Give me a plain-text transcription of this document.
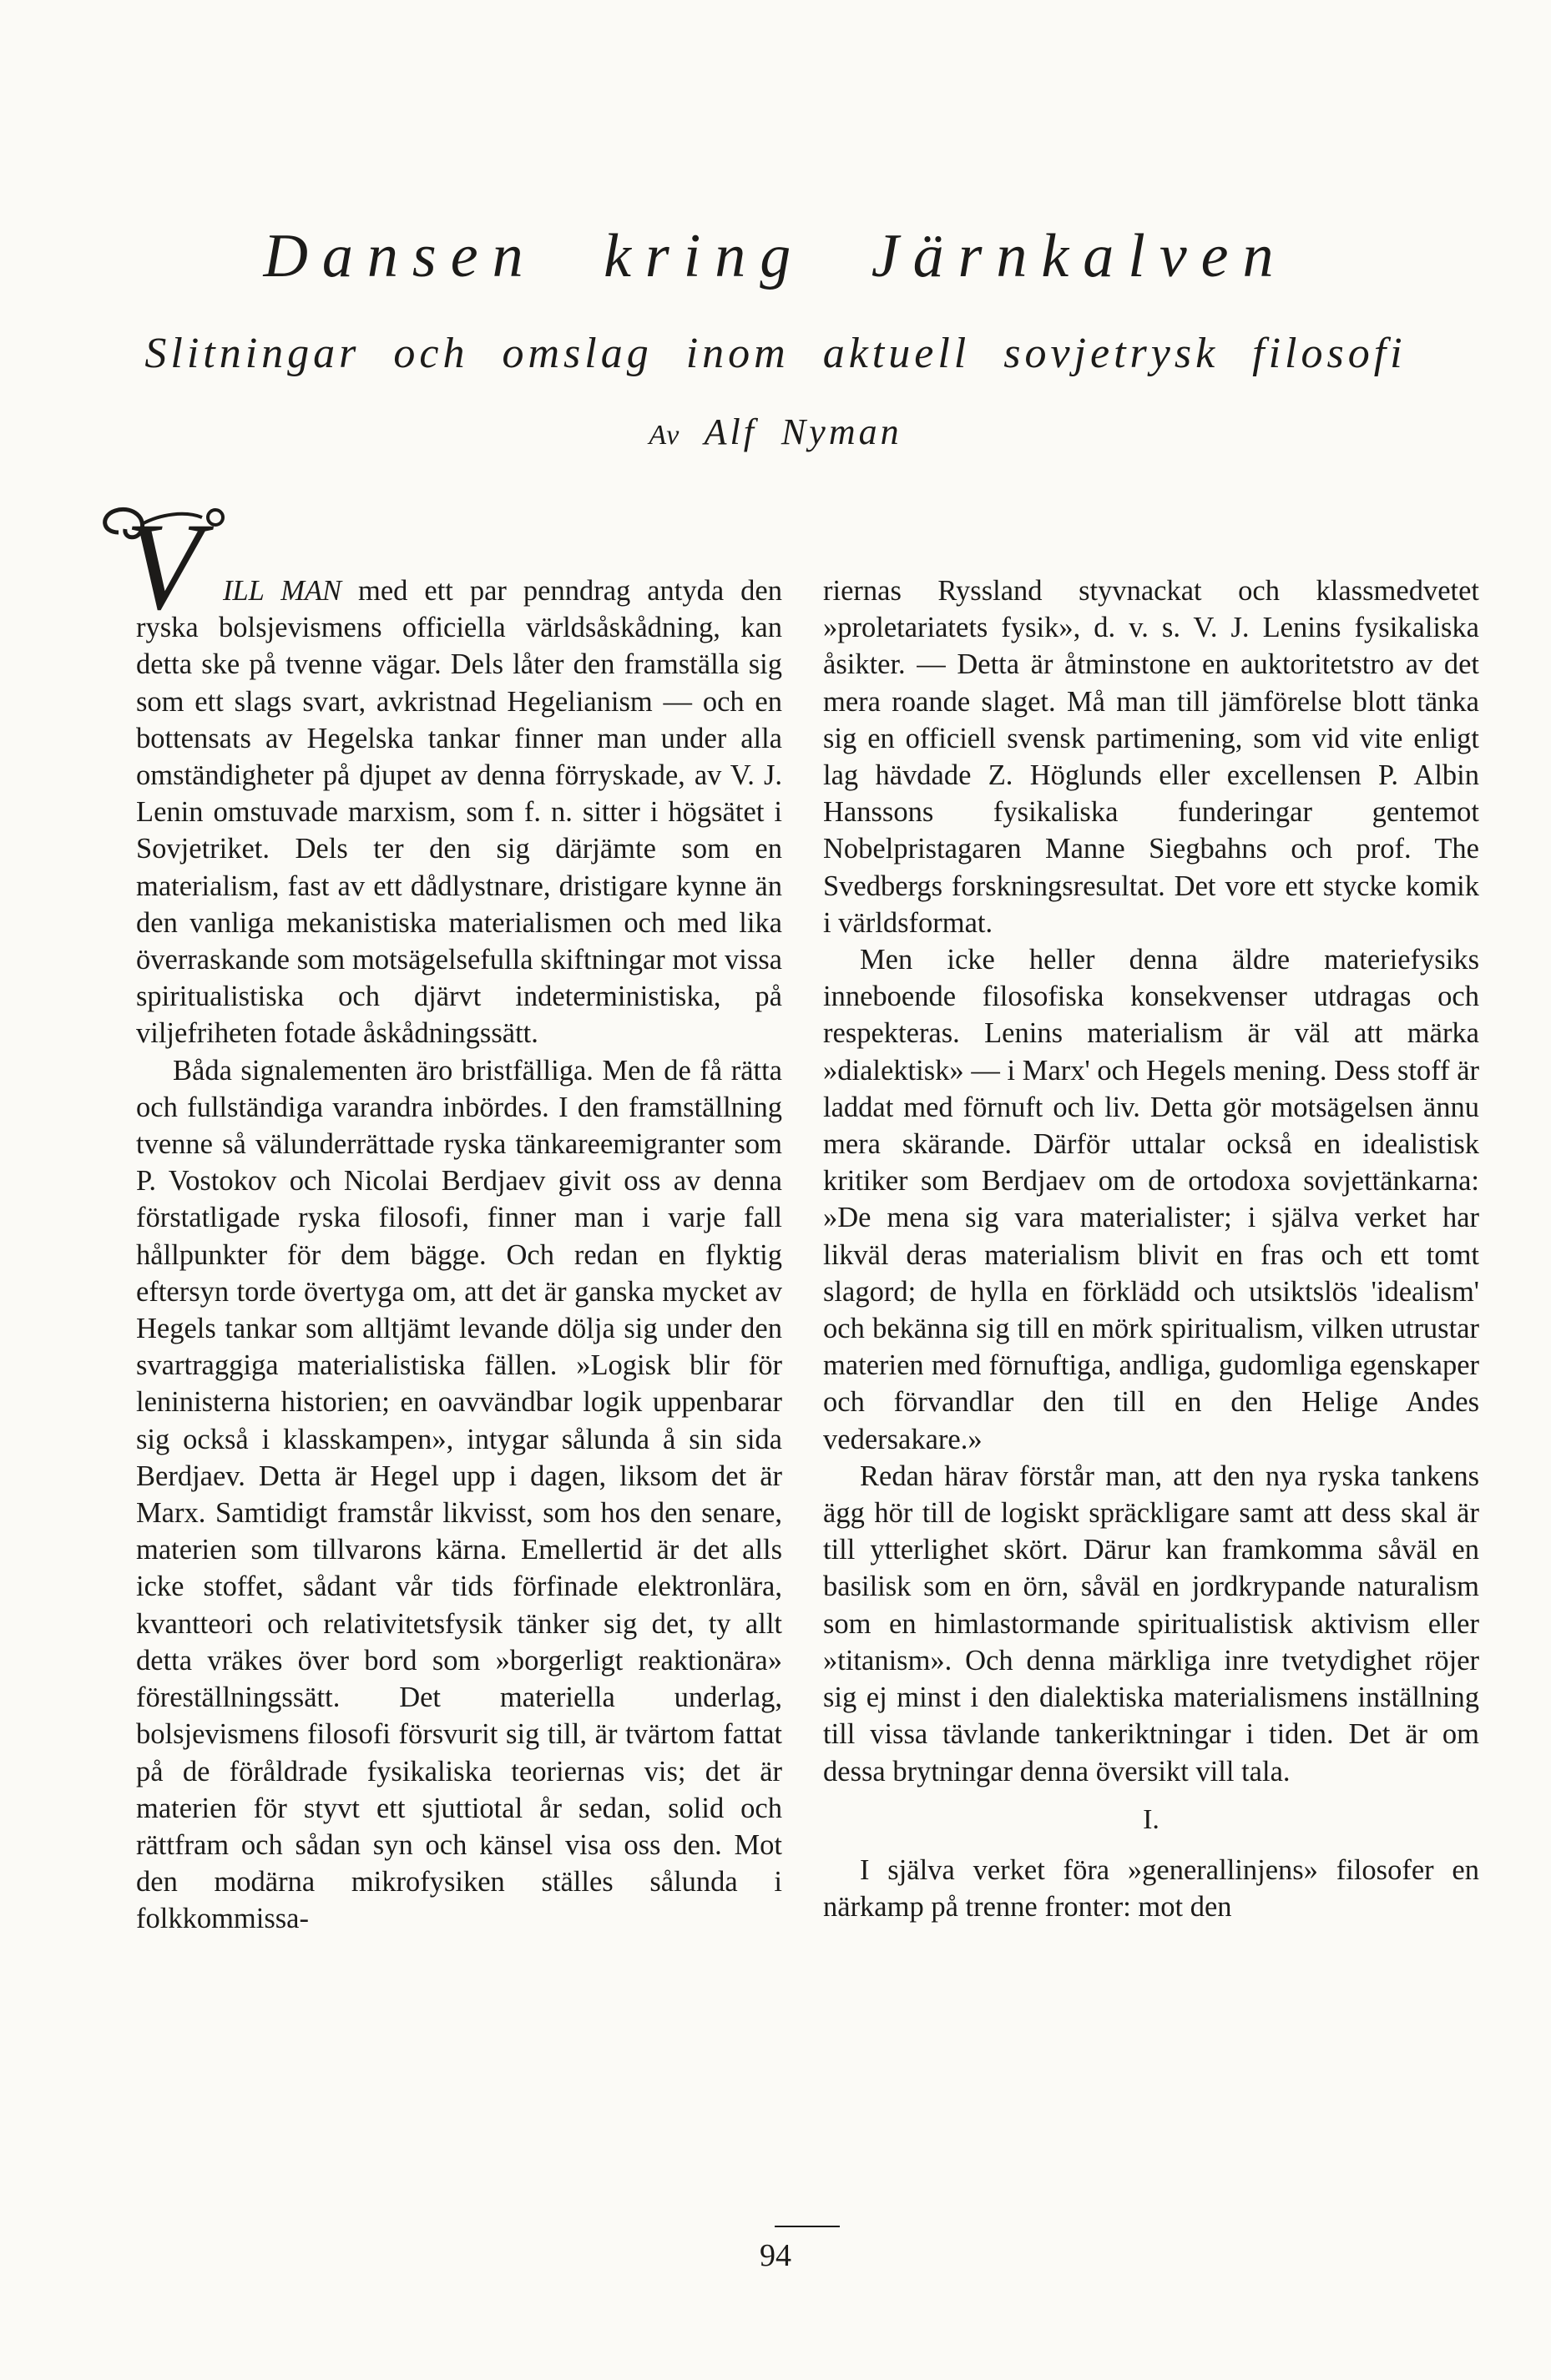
Dansen kring Järnkalven
Slitningar och omslag inom aktuell sovjetrysk filosofi
Av Alf Nyman
V ILL MAN med ett par penndrag antyda den ryska bolsjevismens officiella världsåskådning, kan detta ske på tvenne vägar. Dels låter den framställa sig som ett slags svart, avkristnad Hegelianism — och en bottensats av Hegelska tankar finner man under alla omständigheter på djupet av denna förryskade, av V. J. Lenin omstuvade marxism, som f. n. sitter i högsätet i Sovjetriket. Dels ter den sig därjämte som en materialism, fast av ett dådlystnare, dristigare kynne än den vanliga mekanistiska materialismen och med lika överraskande som motsägelsefulla skiftningar mot vissa spiritualistiska och djärvt indeterministiska, på viljefriheten fotade åskådningssätt.

Båda signalementen äro bristfälliga. Men de få rätta och fullständiga varandra inbördes. I den framställning tvenne så välunderrättade ryska tänkareemigranter som P. Vostokov och Nicolai Berdjaev givit oss av denna förstatligade ryska filosofi, finner man i varje fall hållpunkter för dem bägge. Och redan en flyktig eftersyn torde övertyga om, att det är ganska mycket av Hegels tankar som alltjämt levande dölja sig under den svartraggiga materialistiska fällen. »Logisk blir för leninisterna historien; en oavvändbar logik uppenbarar sig också i klasskampen», intygar sålunda å sin sida Berdjaev. Detta är Hegel upp i dagen, liksom det är Marx. Samtidigt framstår likvisst, som hos den senare, materien som tillvarons kärna. Emellertid är det alls icke stoffet, sådant vår tids förfinade elektronlära, kvantteori och relativitetsfysik tänker sig det, ty allt detta vräkes över bord som »borgerligt reaktionära» föreställningssätt. Det materiella underlag, bolsjevismens filosofi försvurit sig till, är tvärtom fattat på de föråldrade fysikaliska teoriernas vis; det är materien för styvt ett sjuttiotal år sedan, solid och rättfram och sådan syn och känsel visa oss den. Mot den modärna mikrofysiken ställes sålunda i folkkommissa-

riernas Ryssland styvnackat och klassmedvetet »proletariatets fysik», d. v. s. V. J. Lenins fysikaliska åsikter. — Detta är åtminstone en auktoritetstro av det mera roande slaget. Må man till jämförelse blott tänka sig en officiell svensk partimening, som vid vite enligt lag hävdade Z. Höglunds eller excellensen P. Albin Hanssons fysikaliska funderingar gentemot Nobelpristagaren Manne Siegbahns och prof. The Svedbergs forskningsresultat. Det vore ett stycke komik i världsformat.

Men icke heller denna äldre materiefysiks inneboende filosofiska konsekvenser utdragas och respekteras. Lenins materialism är väl att märka »dialektisk» — i Marx' och Hegels mening. Dess stoff är laddat med förnuft och liv. Detta gör motsägelsen ännu mera skärande. Därför uttalar också en idealistisk kritiker som Berdjaev om de ortodoxa sovjettänkarna: »De mena sig vara materialister; i själva verket har likväl deras materialism blivit en fras och ett tomt slagord; de hylla en förklädd och utsiktslös 'idealism' och bekänna sig till en mörk spiritualism, vilken utrustar materien med förnuftiga, andliga, gudomliga egenskaper och förvandlar den till en den Helige Andes vedersakare.»

Redan härav förstår man, att den nya ryska tankens ägg hör till de logiskt spräckligare samt att dess skal är till ytterlighet skört. Därur kan framkomma såväl en basilisk som en örn, såväl en jordkrypande naturalism som en himlastormande spiritualistisk aktivism eller »titanism». Och denna märkliga inre tvetydighet röjer sig ej minst i den dialektiska materialismens inställning till vissa tävlande tankeriktningar i tiden. Det är om dessa brytningar denna översikt vill tala.

I.

I själva verket föra »generallinjens» filosofer en närkamp på trenne fronter: mot den

94
